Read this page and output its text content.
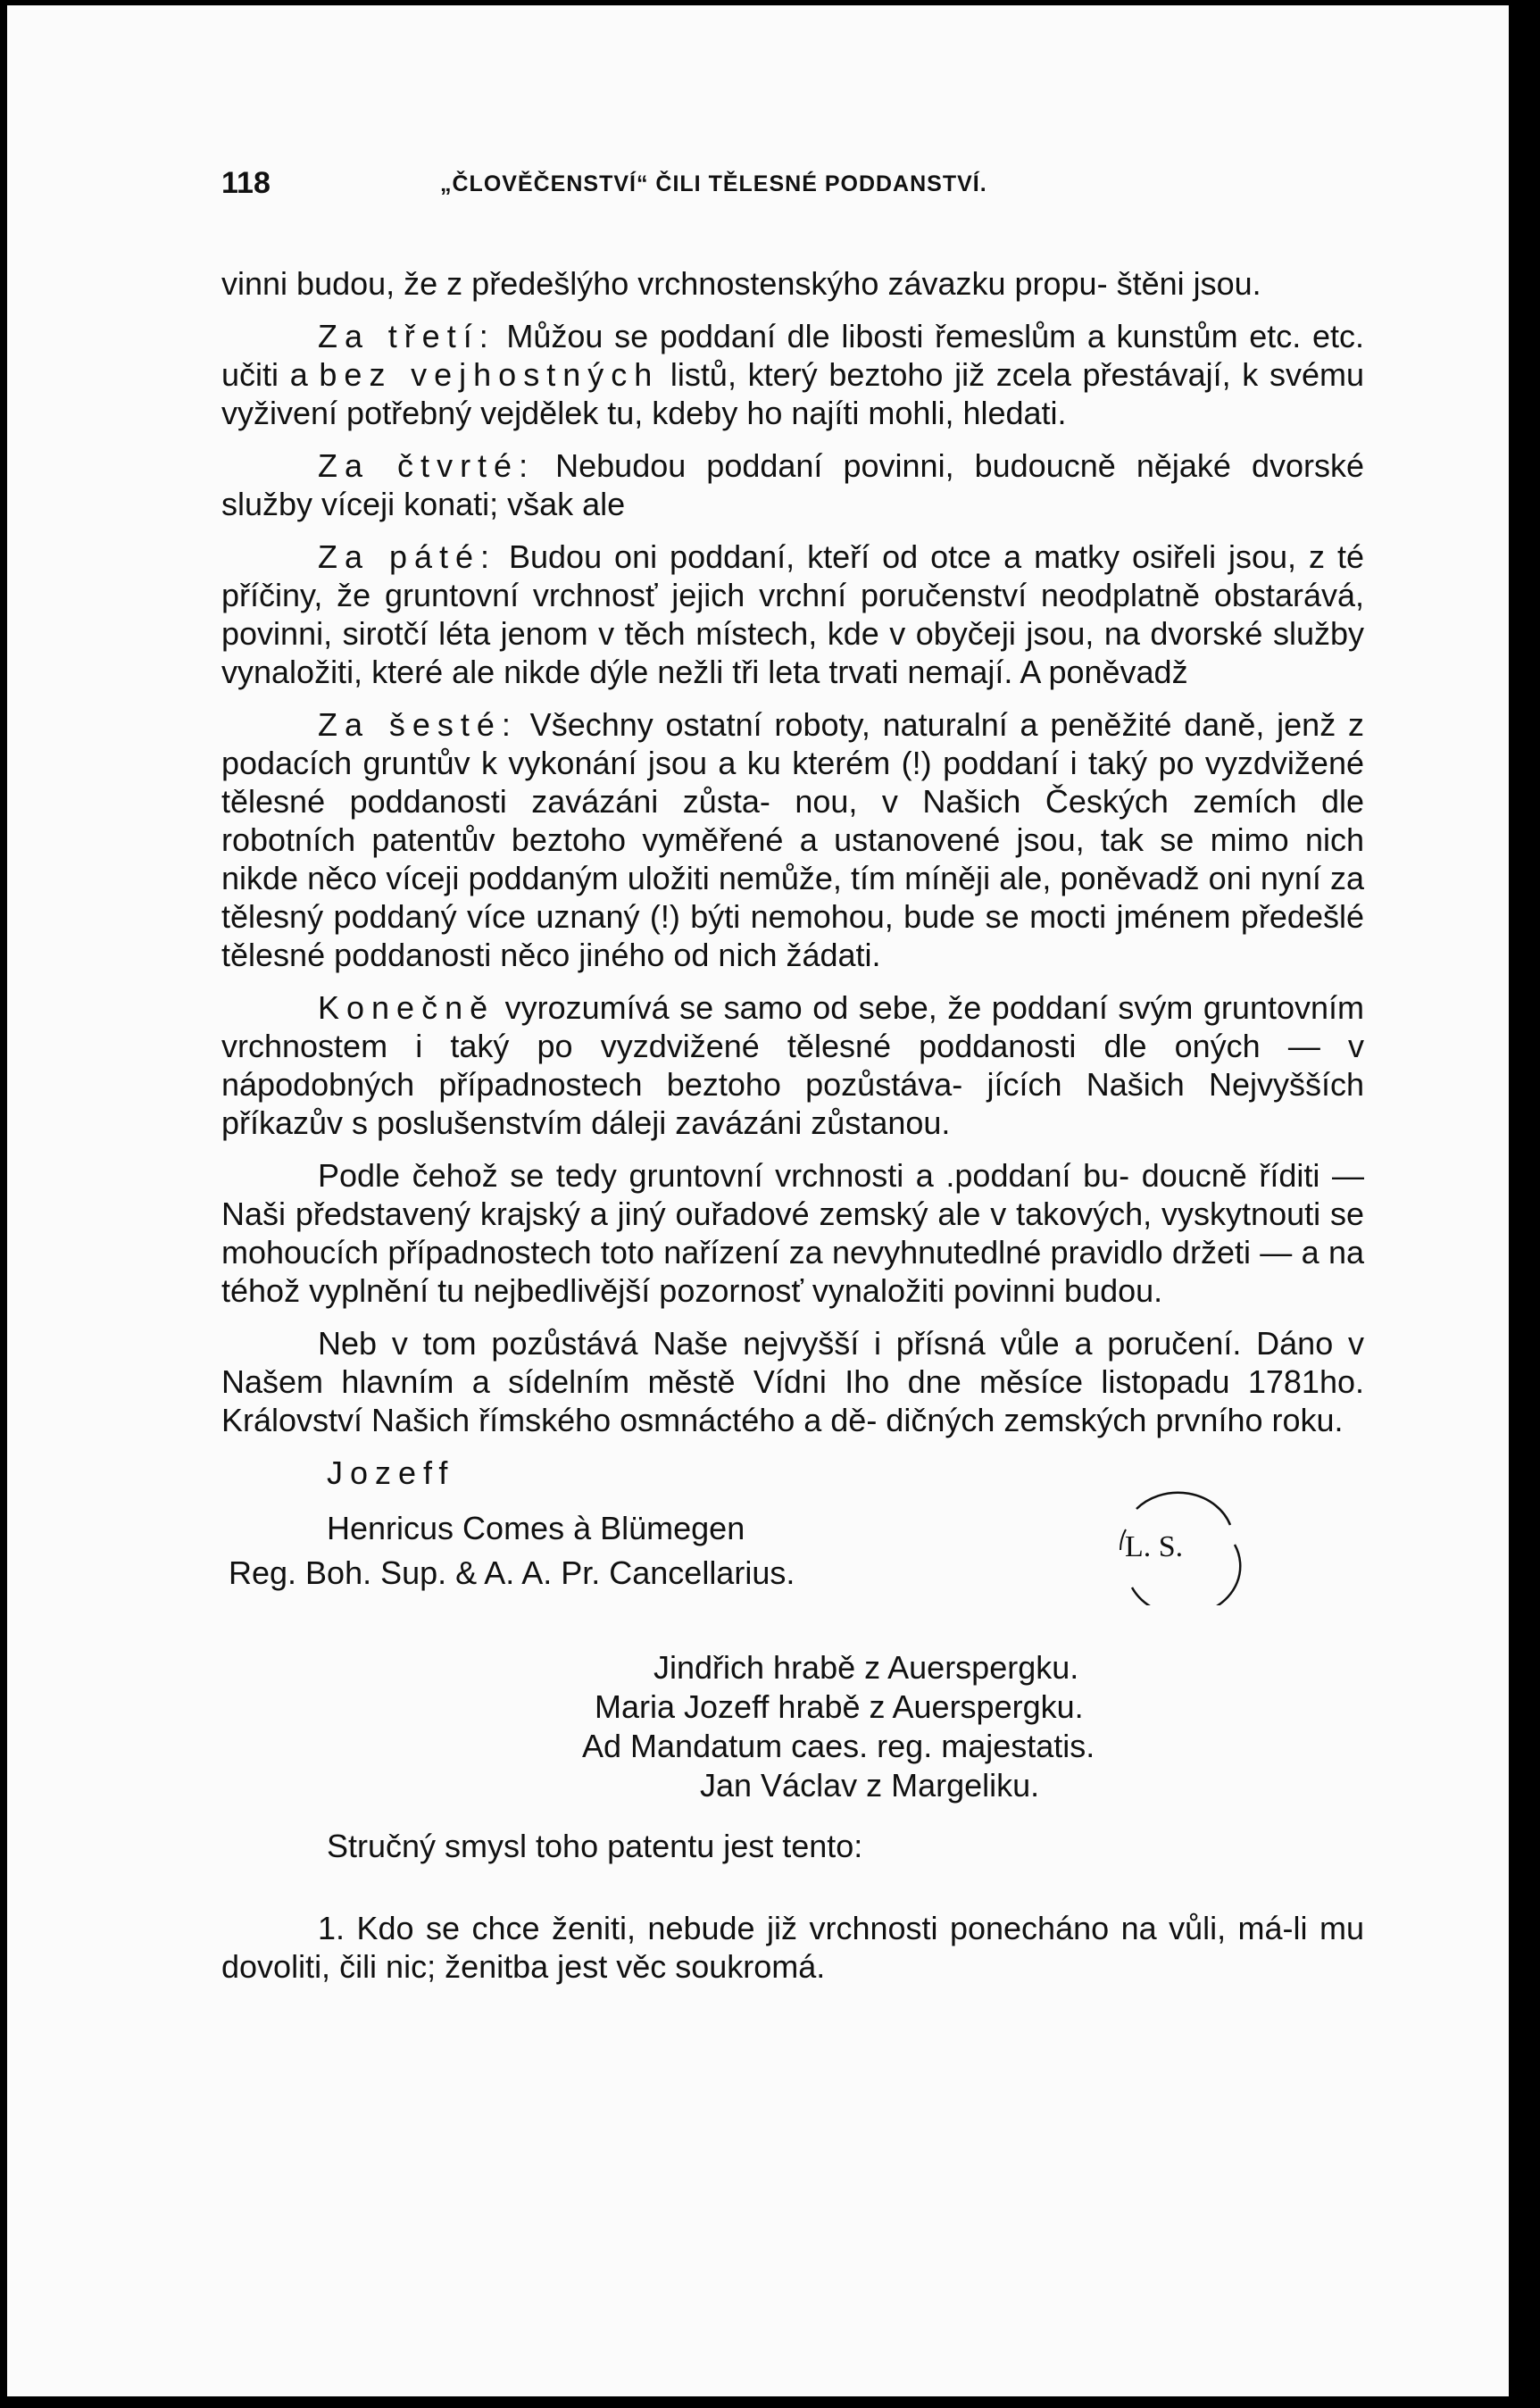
118	„ČLOVĚČENSTVÍ“ ČILI TĚLESNÉ PODDANSTVÍ.

vinni budou, že z předešlýho vrchnostenskýho závazku propu- štěni jsou.

Za třetí: Můžou se poddaní dle libosti řemeslům a kunstům etc. etc. učiti a bez vejhostných listů, který beztoho již zcela přestávají, k svému vyživení potřebný vejdělek tu, kdeby ho najíti mohli, hledati.

Za čtvrté: Nebudou poddaní povinni, budoucně nějaké dvorské služby víceji konati; však ale

Za páté: Budou oni poddaní, kteří od otce a matky osiřeli jsou, z té příčiny, že gruntovní vrchnosť jejich vrchní poručenství neodplatně obstarává, povinni, sirotčí léta jenom v těch místech, kde v obyčeji jsou, na dvorské služby vynaložiti, které ale nikde dýle nežli tři leta trvati nemají. A poněvadž

Za šesté: Všechny ostatní roboty, naturalní a peněžité daně, jenž z podacích gruntův k vykonání jsou a ku kterém (!) poddaní i taký po vyzdvižené tělesné poddanosti zavázáni zůsta- nou, v Našich Českých zemích dle robotních patentův beztoho vyměřené a ustanovené jsou, tak se mimo nich nikde něco víceji poddaným uložiti nemůže, tím míněji ale, poněvadž oni nyní za tělesný poddaný více uznaný (!) býti nemohou, bude se mocti jménem předešlé tělesné poddanosti něco jiného od nich žádati.

Konečně vyrozumívá se samo od sebe, že poddaní svým gruntovním vrchnostem i taký po vyzdvižené tělesné poddanosti dle oných — v nápodobných případnostech beztoho pozůstáva- jících Našich Nejvyšších příkazův s poslušenstvím dáleji zavázáni zůstanou.

Podle čehož se tedy gruntovní vrchnosti a .poddaní bu- doucně říditi — Naši představený krajský a jiný ouřadové zemský ale v takových, vyskytnouti se mohoucích případnostech toto nařízení za nevyhnutedlné pravidlo držeti — a na téhož vyplnění tu nejbedlivější pozornosť vynaložiti povinni budou.

Neb v tom pozůstává Naše nejvyšší i přísná vůle a poručení. Dáno v Našem hlavním a sídelním městě Vídni Iho dne měsíce listopadu 1781ho. Království Našich římského osmnáctého a dě- dičných zemských prvního roku.

Jozeff
Henricus Comes à Blümegen
Reg. Boh. Sup. & A. A. Pr. Cancellarius.
L. S.
Jindřich hrabě z Auerspergku.
Maria Jozeff hrabě z Auerspergku.
Ad Mandatum caes. reg. majestatis.
Jan Václav z Margeliku.
Stručný smysl toho patentu jest tento:

1. Kdo se chce ženiti, nebude již vrchnosti ponecháno na vůli, má-li mu dovoliti, čili nic; ženitba jest věc soukromá.
